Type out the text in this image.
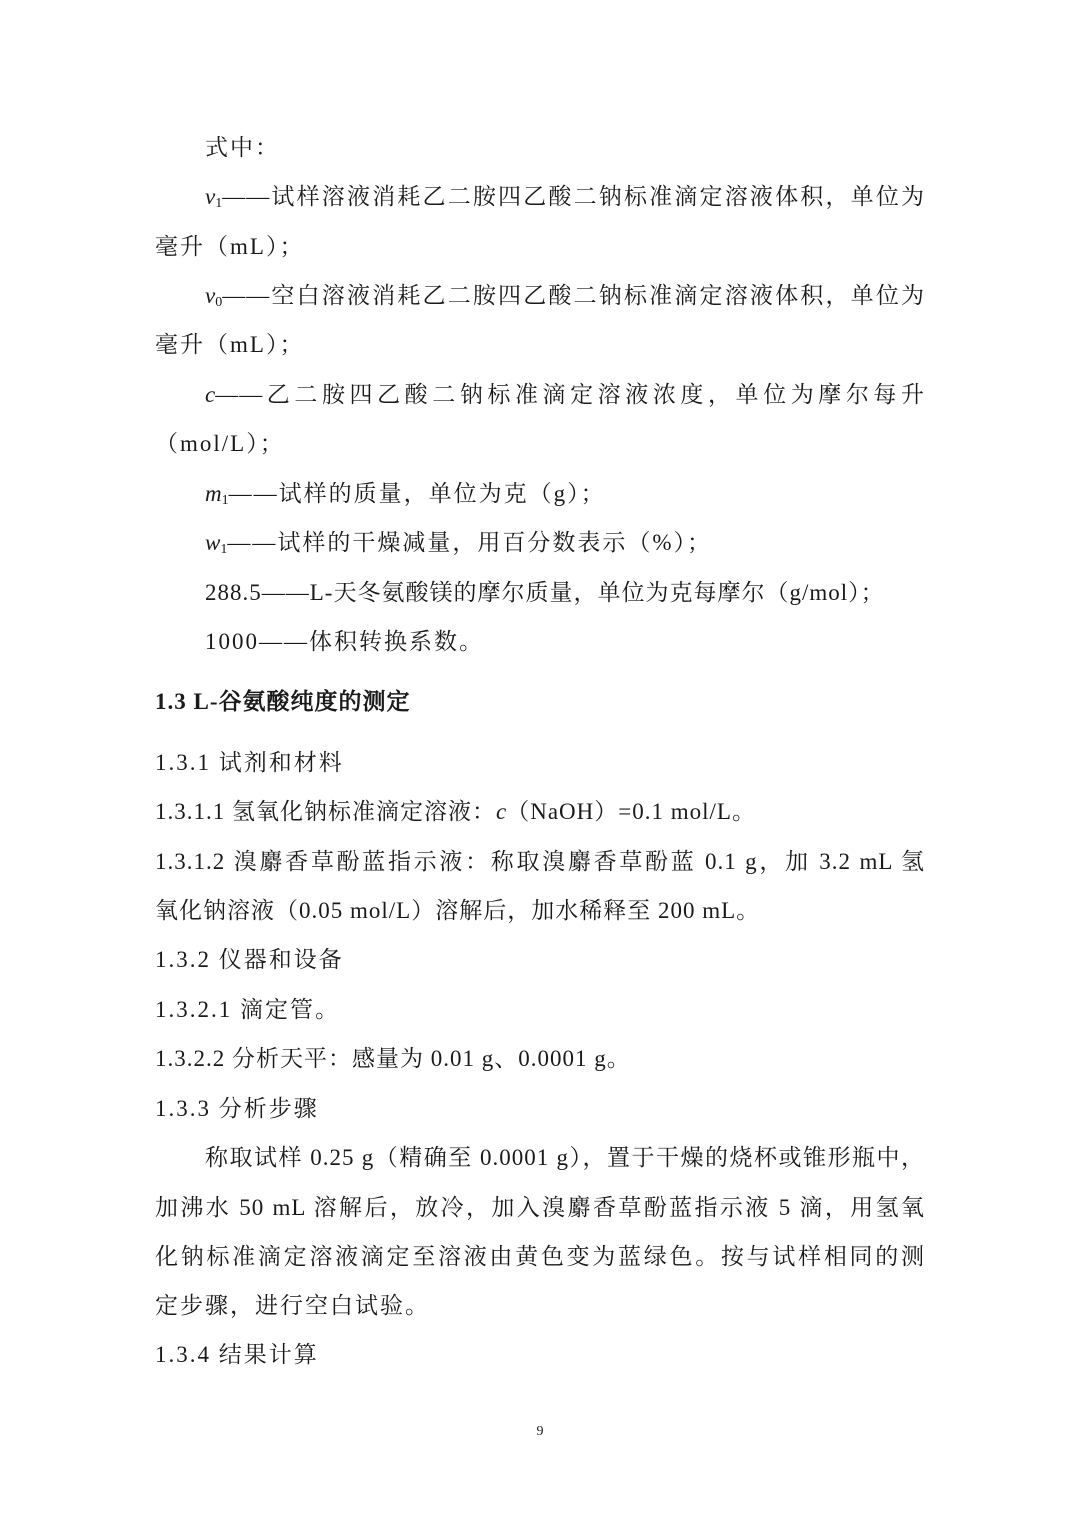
式中：
$v_1——$试样溶液消耗乙二胺四乙酸二钠标准滴定溶液体积，单位为
毫升（mL）；
$v_0——$空白溶液消耗乙二胺四乙酸二钠标准滴定溶液体积，单位为
毫升（mL）；
c——乙二胺四乙酸二钠标准滴定溶液浓度，单位为摩尔每升
（mol/L）；
$m_1——$试样的质量，单位为克（g）；
$w_1——$试样的干燥减量，用百分数表示（%）；
288.5——L-天冬氨酸镁的摩尔质量，单位为克每摩尔（g/mol）；
1000——体积转换系数。
1.3 L-谷氨酸纯度的测定
1.3.1 试剂和材料
1.3.1.1 氢氧化钠标准滴定溶液：c（NaOH）=0.1 mol/L。
1.3.1.2 溴麝香草酚蓝指示液：称取溴麝香草酚蓝 0.1 g，加 3.2 mL 氢
氧化钠溶液（0.05 mol/L）溶解后，加水稀释至 200 mL。
1.3.2 仪器和设备
1.3.2.1 滴定管。
1.3.2.2 分析天平：感量为 0.01 g、0.0001 g。
1.3.3 分析步骤
称取试样 0.25 g（精确至 0.0001 g），置于干燥的烧杯或锥形瓶中，
加沸水 50 mL 溶解后，放冷，加入溴麝香草酚蓝指示液 5 滴，用氢氧
化钠标准滴定溶液滴定至溶液由黄色变为蓝绿色。按与试样相同的测
定步骤，进行空白试验。
1.3.4 结果计算
9
